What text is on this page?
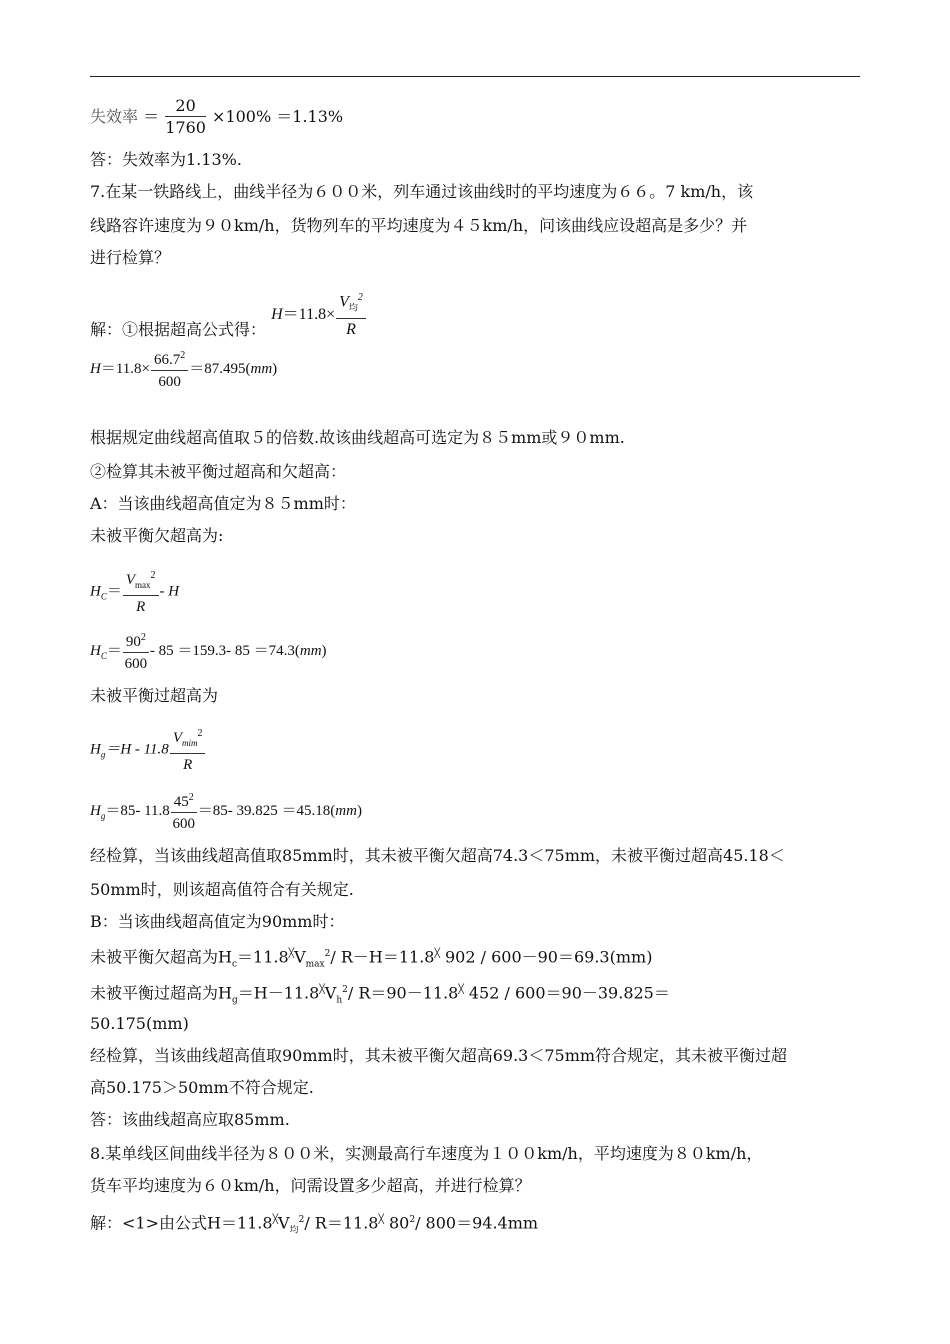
失效率 ＝ $\frac{20}{1760} \times 100\% =1.13\%$
答：失效率为1.13%.
7.在某一铁路线上，曲线半径为６００米，列车通过该曲线时的平均速度为６６。7 km/h，该
线路容许速度为９０km/h，货物列车的平均速度为４５km/h，问该曲线应设超高是多少？并
进行检算？
解：①根据超高公式得： $H=11.8\times \frac{V_均^2}{R}$
$H=11.8\times \frac{66.7^2}{600} =87.495(mm)$
根据规定曲线超高值取５的倍数.故该曲线超高可选定为８５mm或９０mm.
②检算其未被平衡过超高和欠超高：
A：当该曲线超高值定为８５mm时：
未被平衡欠超高为:
$H_C= \frac{V_{max}^2}{R} - H$
$H_C= \frac{90^2}{600} - 85 =159.3-$ 85 ＝74.3(mm)
未被平衡过超高为
$H_g=H - 11.8 \frac{V_{mim}^2}{R}$
$H_g=85-$ $11.8 \frac{45^2}{600} =85-$ 39.825 ＝45.18(mm)
经检算，当该曲线超高值取85mm时，其未被平衡欠超高74.3＜75mm，未被平衡过超高45.18＜
50mm时，则该超高值符合有关规定.
B：当该曲线超高值定为90mm时：
未被平衡欠超高为$H_c=11.8^╳V_{max}^2/$ R－H＝11.8╳ 902 / 600－90＝69.3(mm)
未被平衡过超高为$H_g=H-11.8^╳V_h^2/$ R＝90－11.8╳ 452 / 600＝90－39.825＝
50.175(mm)
经检算，当该曲线超高值取90mm时，其未被平衡欠超高69.3＜75mm符合规定，其未被平衡过超
高50.175＞50mm不符合规定.
答：该曲线超高应取85mm.
8.某单线区间曲线半径为８００米，实测最高行车速度为１００km/h，平均速度为８０km/h，
货车平均速度为６０km/h，问需设置多少超高，并进行检算？
解：<1>由公式$H=11.8^╳V_均^2/$ R＝11.8╳ $80^2/$ 800＝94.4mm
